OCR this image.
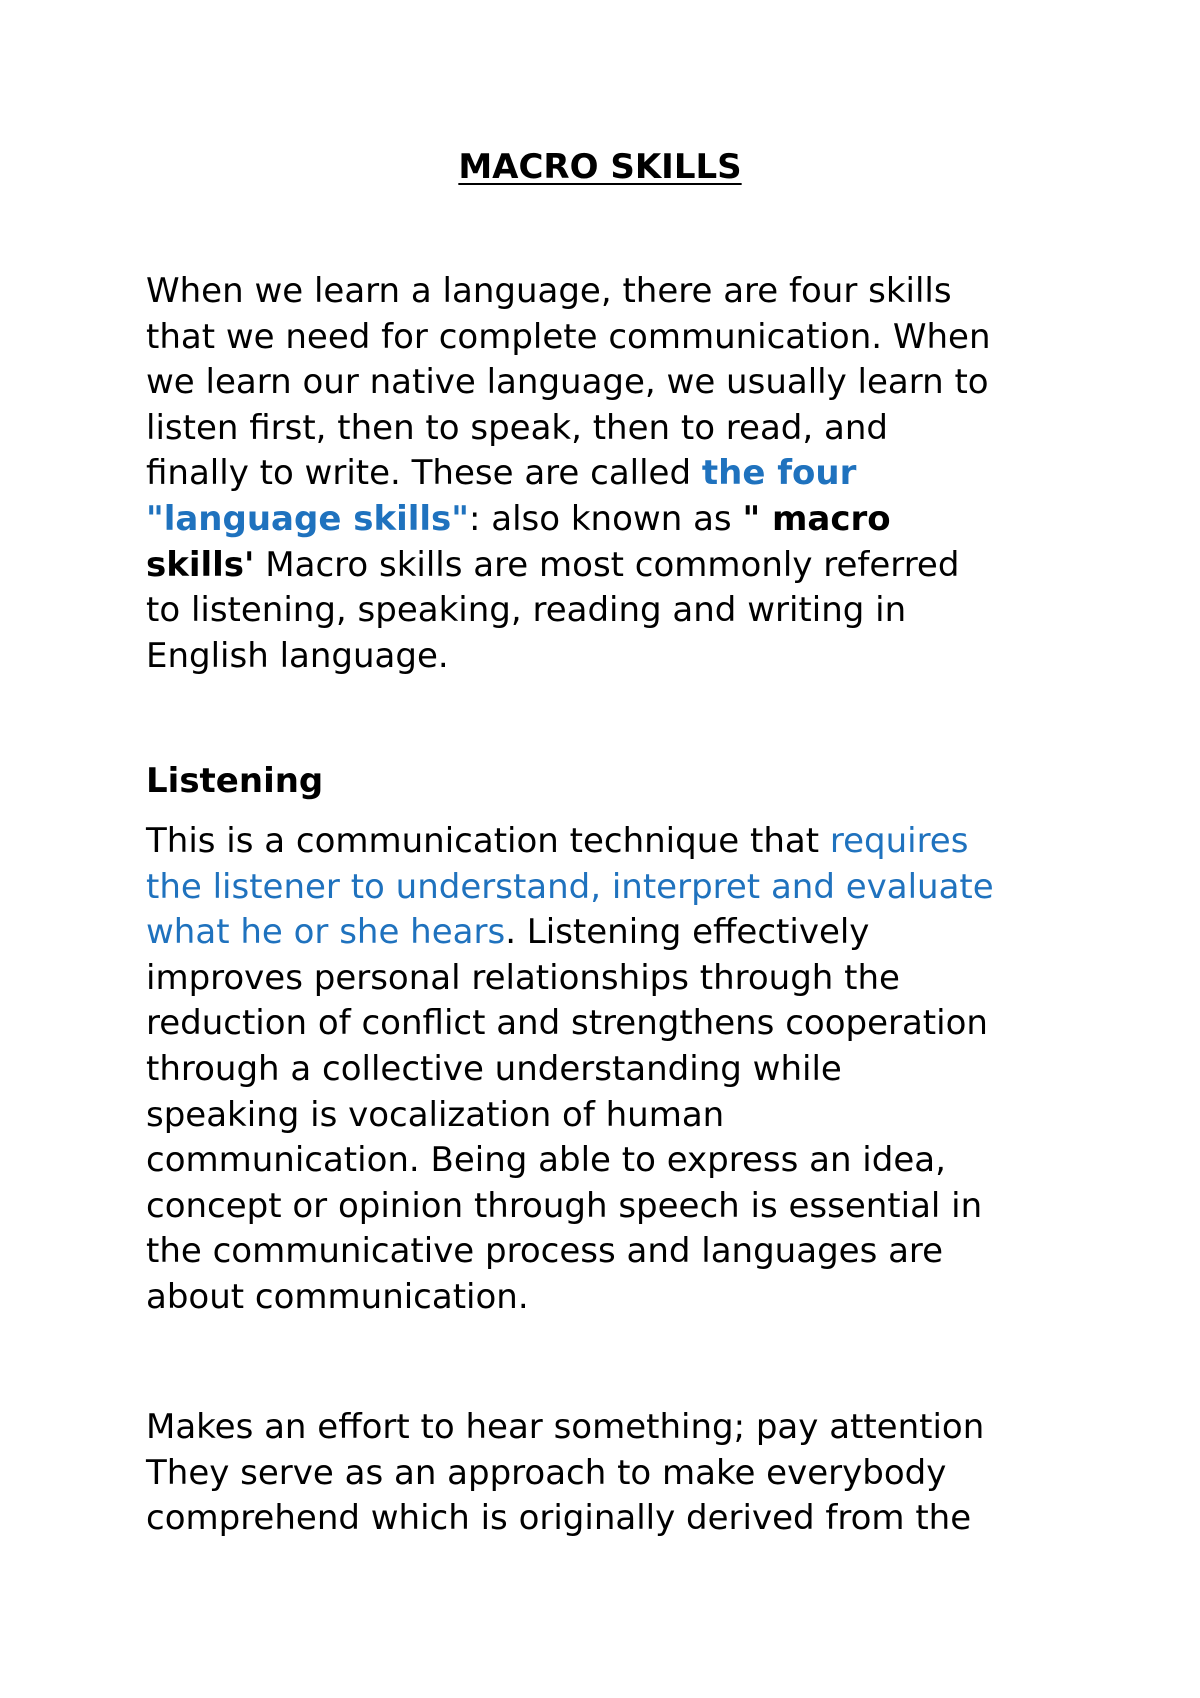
MACRO SKILLS

When we learn a language, there are four skills
that we need for complete communication. When
we learn our native language, we usually learn to
listen first, then to speak, then to read, and
finally to write. These are called the four
"language skills": also known as " macro
skills' Macro skills are most commonly referred
to listening, speaking, reading and writing in
English language.

Listening

This is a communication technique that requires
the listener to understand, interpret and evaluate
what he or she hears. Listening effectively
improves personal relationships through the
reduction of conflict and strengthens cooperation
through a collective understanding while
speaking is vocalization of human
communication. Being able to express an idea,
concept or opinion through speech is essential in
the communicative process and languages are
about communication.

Makes an effort to hear something; pay attention
They serve as an approach to make everybody
comprehend which is originally derived from the
